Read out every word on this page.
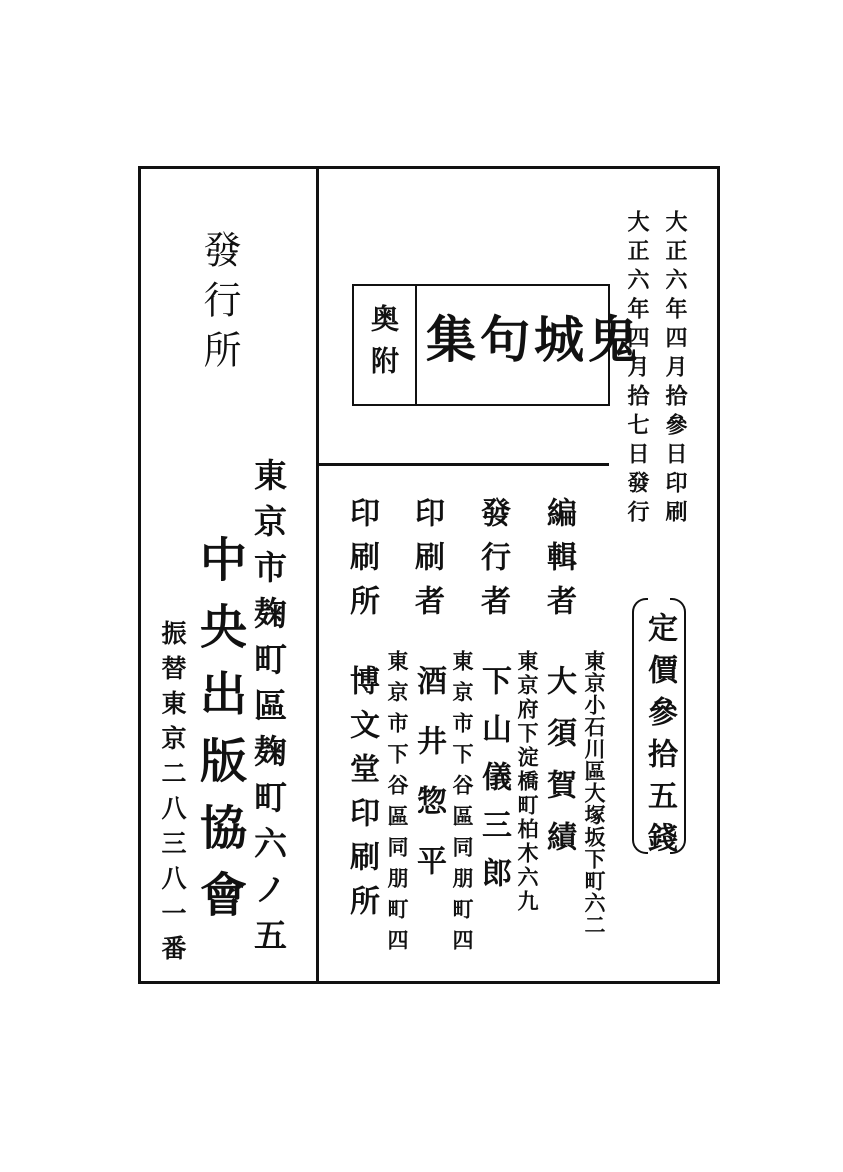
大正六年四月拾參日印刷
大正六年四月拾七日發行
奥附 鬼城句集
編輯者
發行者
印刷者
印刷所
東京小石川區大塚坂下町六二
大須賀績
東京府下淀橋町柏木六九
下山儀三郎
東京市下谷區同朋町四
酒井惣平
東京市下谷區同朋町四
博文堂印刷所	定價參拾五錢
發行所
東京市麹町區麹町六ノ五
中央出版協會
振替東京二八三八一番
